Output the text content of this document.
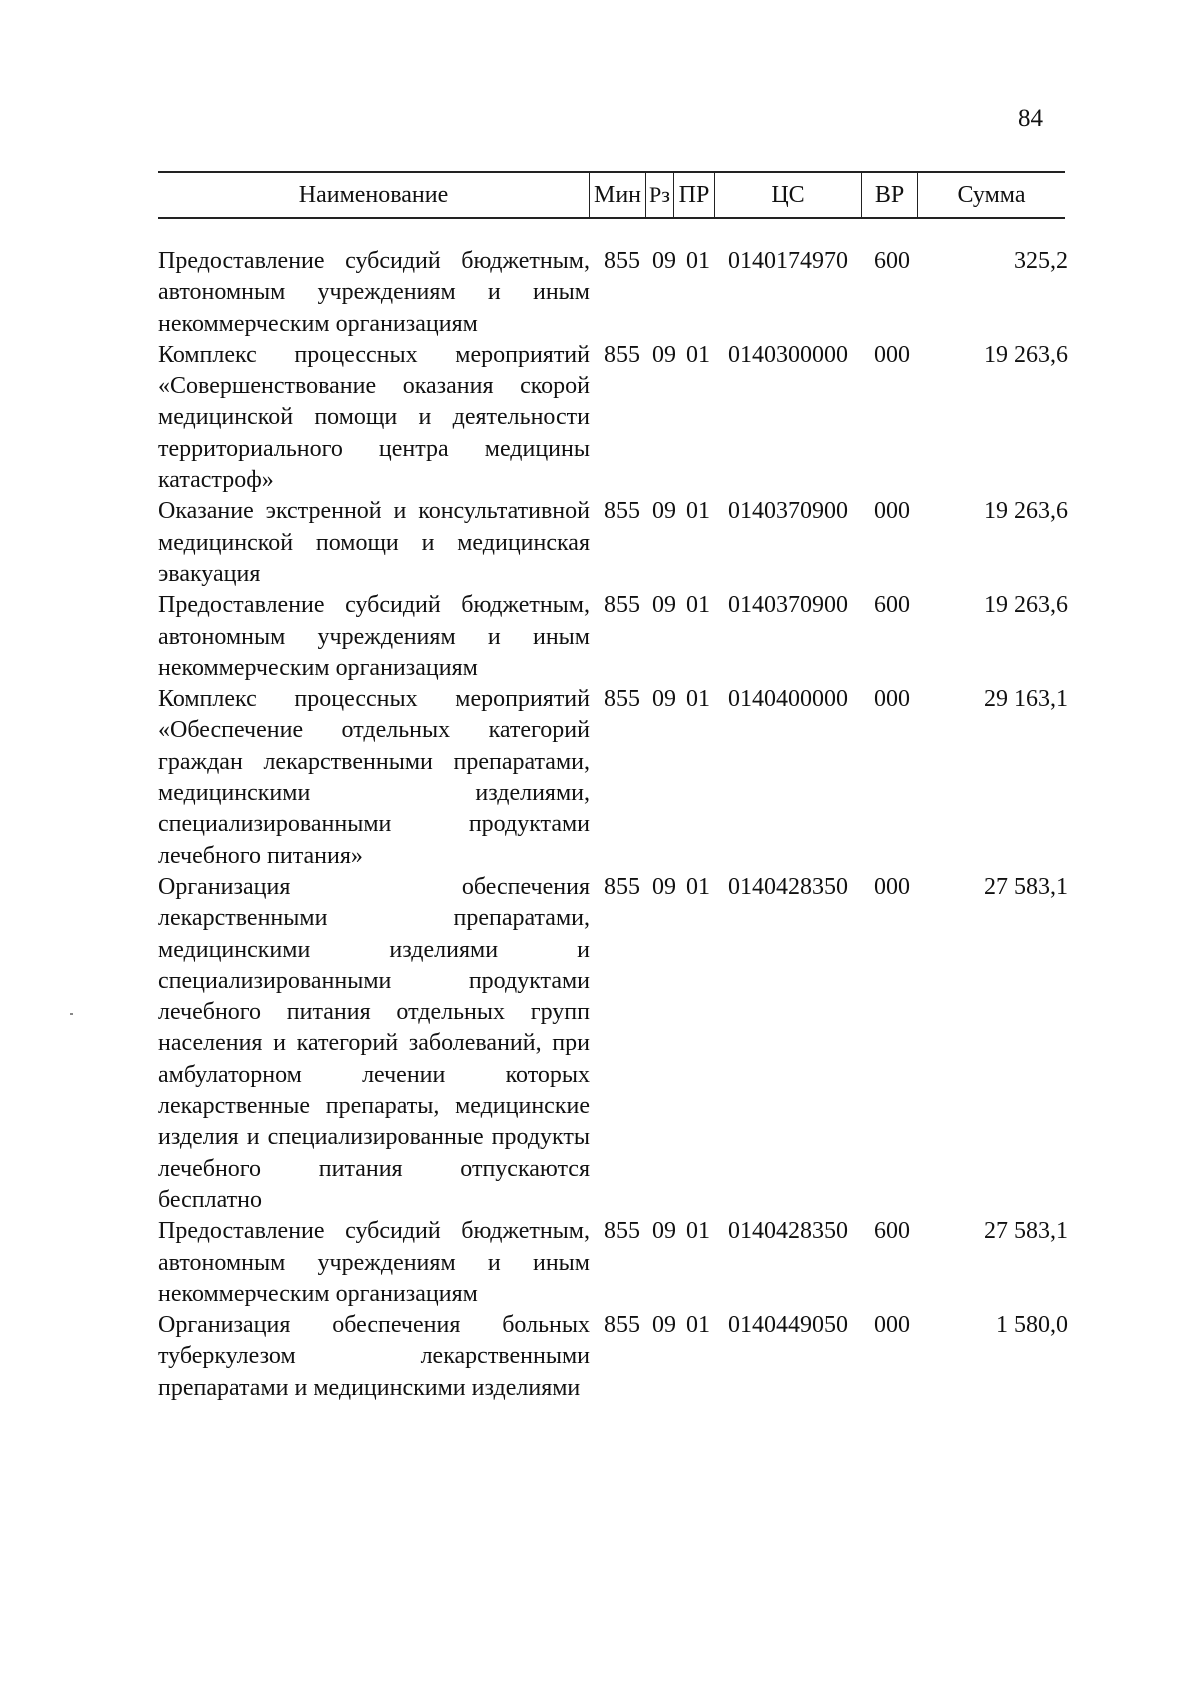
84
Наименование	Мин Рз ПР	ЦС	ВР	Сумма
Предоставление субсидий бюджетным, автономным учреждениям и иным некоммерческим организациям
855 09 01 0140174970 600	325,2
Комплекс процессных мероприятий «Совершенствование оказания скорой медицинской помощи и деятельности территориального центра медицины катастроф»
855 09 01 0140300000 000	19 263,6
Оказание экстренной и консультативной медицинской помощи и медицинская эвакуация
855 09 01 0140370900 000	19 263,6
Предоставление субсидий бюджетным, автономным учреждениям и иным некоммерческим организациям
855 09 01 0140370900 600	19 263,6
Комплекс процессных мероприятий «Обеспечение отдельных категорий граждан лекарственными препаратами, медицинскими изделиями, специализированными продуктами лечебного питания»
855 09 01 0140400000 000	29 163,1
Организация обеспечения лекарственными препаратами, медицинскими изделиями и специализированными продуктами лечебного питания отдельных групп населения и категорий заболеваний, при амбулаторном лечении которых лекарственные препараты, медицинские изделия и специализированные продукты лечебного питания отпускаются бесплатно
855 09 01 0140428350 000	27 583,1
Предоставление субсидий бюджетным, автономным учреждениям и иным некоммерческим организациям
855 09 01 0140428350 600	27 583,1
Организация обеспечения больных туберкулезом лекарственными препаратами и медицинскими изделиями
855 09 01 0140449050 000	1 580,0
